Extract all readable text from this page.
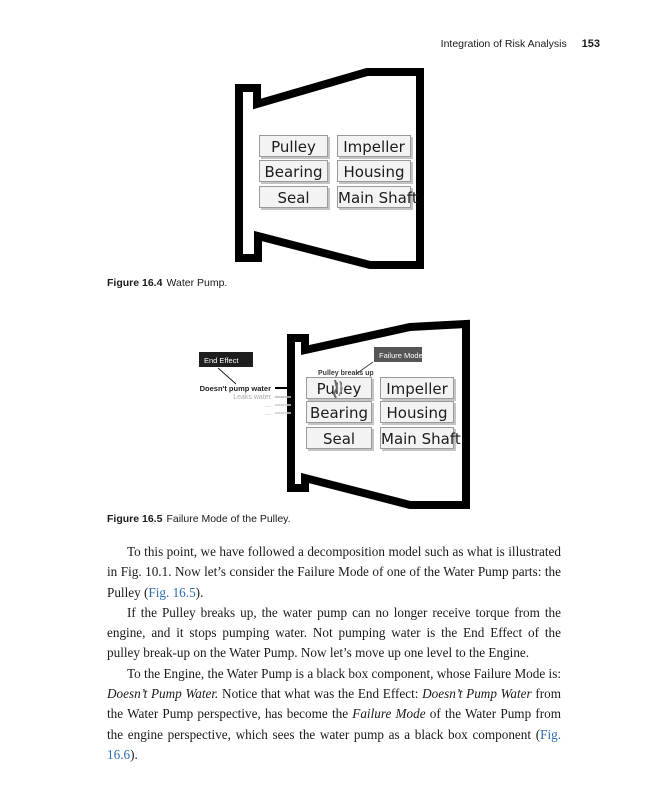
Integration of Risk Analysis 153
Pulley	Impeller
Bearing	Housing
Seal	Main Shaft
Figure 16.4 Water Pump.
End Effect
Doesn't pump water
Leaks water
...
...
Failure Mode
Pulley breaks up
Pulley	Impeller
Bearing	Housing
Seal	Main Shaft
Figure 16.5 Failure Mode of the Pulley.

To this point, we have followed a decomposition model such as what is illustrated in Fig. 10.1. Now let’s consider the Failure Mode of one of the Water Pump parts: the Pulley (Fig. 16.5).

If the Pulley breaks up, the water pump can no longer receive torque from the engine, and it stops pumping water. Not pumping water is the End Effect of the pulley break-up on the Water Pump. Now let’s move up one level to the Engine.

To the Engine, the Water Pump is a black box component, whose Failure Mode is: Doesn’t Pump Water. Notice that what was the End Effect: Doesn’t Pump Water from the Water Pump perspective, has become the Failure Mode of the Water Pump from the engine perspective, which sees the water pump as a black box component (Fig. 16.6).
